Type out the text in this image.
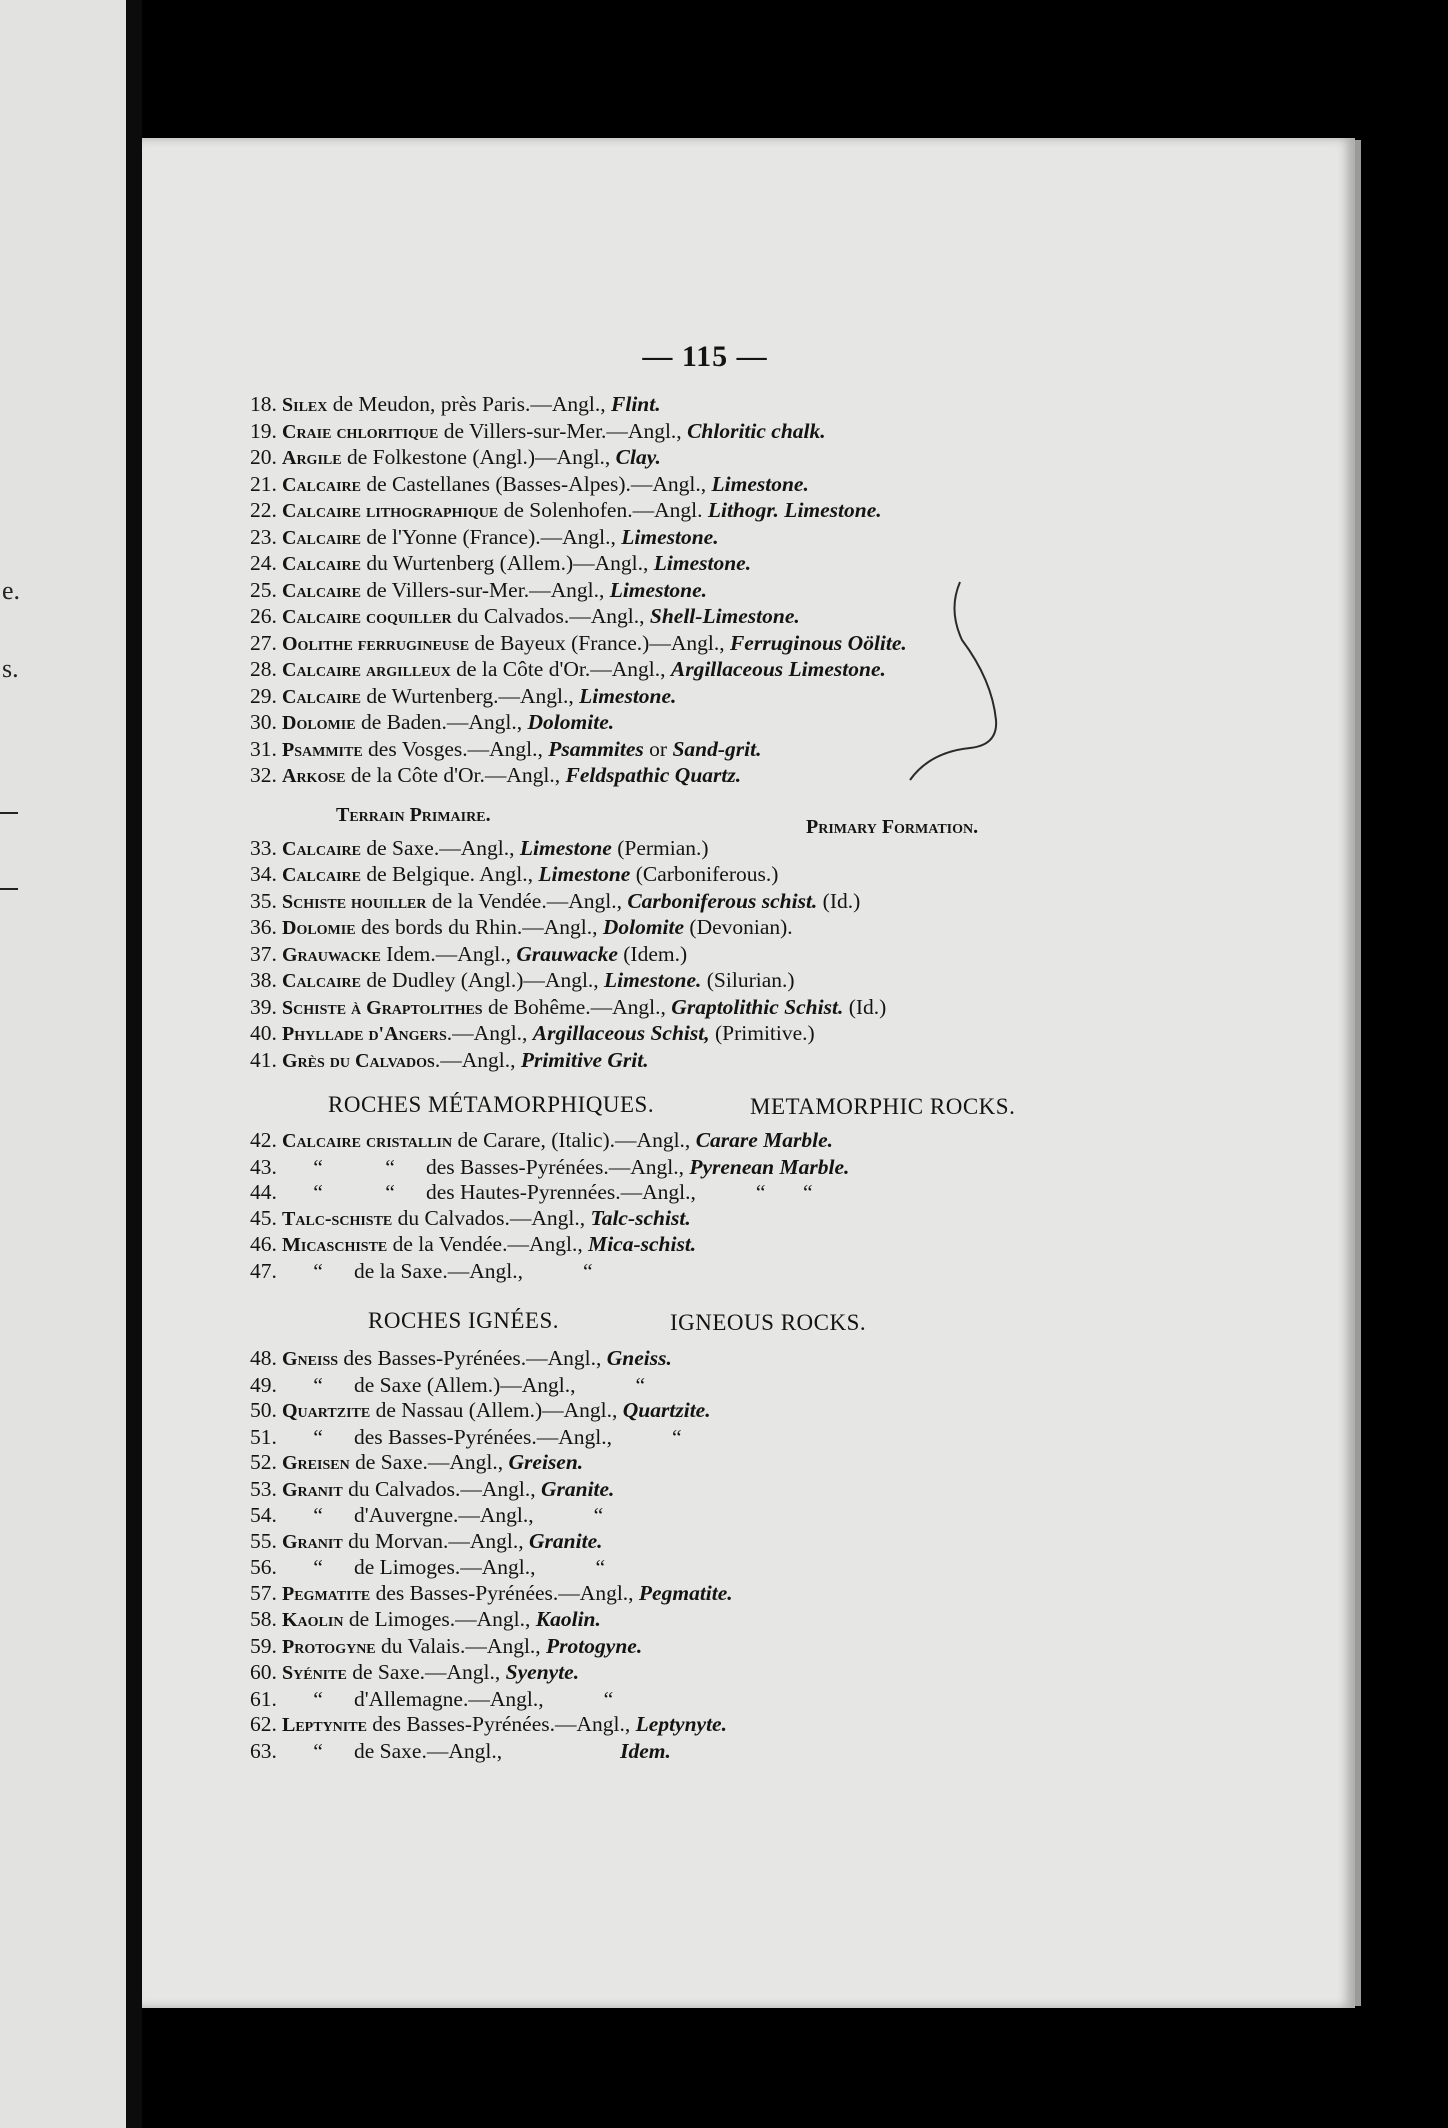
e.
s.
— 115 —
18. Silex de Meudon, près Paris.—Angl., Flint.
19. Craie chloritique de Villers-sur-Mer.—Angl., Chloritic chalk.
20. Argile de Folkestone (Angl.)—Angl., Clay.
21. Calcaire de Castellanes (Basses-Alpes).—Angl., Limestone.
22. Calcaire lithographique de Solenhofen.—Angl. Lithogr. Limestone.
23. Calcaire de l'Yonne (France).—Angl., Limestone.
24. Calcaire du Wurtenberg (Allem.)—Angl., Limestone.
25. Calcaire de Villers-sur-Mer.—Angl., Limestone.
26. Calcaire coquiller du Calvados.—Angl., Shell-Limestone.
27. Oolithe ferrugineuse de Bayeux (France.)—Angl., Ferruginous Oölite.
28. Calcaire argilleux de la Côte d'Or.—Angl., Argillaceous Limestone.
29. Calcaire de Wurtenberg.—Angl., Limestone.
30. Dolomie de Baden.—Angl., Dolomite.
31. Psammite des Vosges.—Angl., Psammites or Sand-grit.
32. Arkose de la Côte d'Or.—Angl., Feldspathic Quartz.
Terrain Primaire.
Primary Formation.
33. Calcaire de Saxe.—Angl., Limestone (Permian.)
34. Calcaire de Belgique. Angl., Limestone (Carboniferous.)
35. Schiste houiller de la Vendée.—Angl., Carboniferous schist. (Id.)
36. Dolomie des bords du Rhin.—Angl., Dolomite (Devonian).
37. Grauwacke Idem.—Angl., Grauwacke (Idem.)
38. Calcaire de Dudley (Angl.)—Angl., Limestone. (Silurian.)
39. Schiste à Graptolithes de Bohême.—Angl., Graptolithic Schist. (Id.)
40. Phyllade d'Angers.—Angl., Argillaceous Schist, (Primitive.)
41. Grès du Calvados.—Angl., Primitive Grit.
ROCHES MÉTAMORPHIQUES.	METAMORPHIC ROCKS.
42. Calcaire cristallin de Carare, (Italic).—Angl., Carare Marble.
43. “	“ des Basses-Pyrénées.—Angl., Pyrenean Marble.
44. “	“ des Hautes-Pyrennées.—Angl.,	“       “
45. Talc-schiste du Calvados.—Angl., Talc-schist.
46. Micaschiste de la Vendée.—Angl., Mica-schist.
47. “ de la Saxe.—Angl.,	“
ROCHES IGNÉES.	IGNEOUS ROCKS.
48. Gneiss des Basses-Pyrénées.—Angl., Gneiss.
49. “ de Saxe (Allem.)—Angl.,	“
50. Quartzite de Nassau (Allem.)—Angl., Quartzite.
51. “ des Basses-Pyrénées.—Angl.,	“
52. Greisen de Saxe.—Angl., Greisen.
53. Granit du Calvados.—Angl., Granite.
54. “ d'Auvergne.—Angl.,	“
55. Granit du Morvan.—Angl., Granite.
56. “ de Limoges.—Angl.,	“
57. Pegmatite des Basses-Pyrénées.—Angl., Pegmatite.
58. Kaolin de Limoges.—Angl., Kaolin.
59. Protogyne du Valais.—Angl., Protogyne.
60. Syénite de Saxe.—Angl., Syenyte.
61. “ d'Allemagne.—Angl.,	“
62. Leptynite des Basses-Pyrénées.—Angl., Leptynyte.
63. “ de Saxe.—Angl.,	Idem.
